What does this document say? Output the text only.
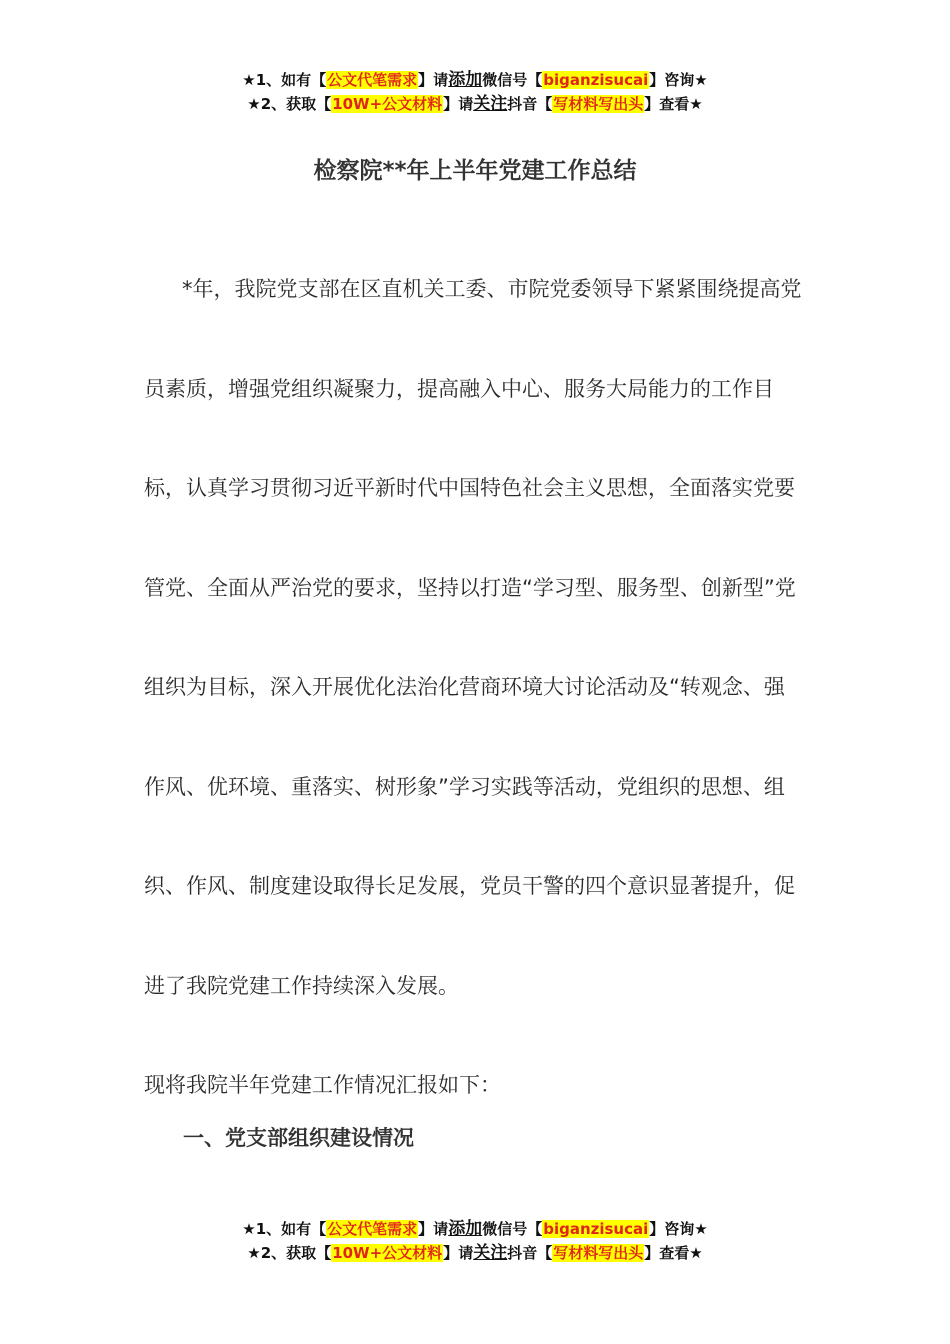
★1、如有【公文代笔需求】请添加微信号【biganzisucai】咨询★
★2、获取【10W+公文材料】请关注抖音【写材料写出头】查看★
检察院**年上半年党建工作总结

*年，我院党支部在区直机关工委、市院党委领导下紧紧围绕提高党员素质，增强党组织凝聚力，提高融入中心、服务大局能力的工作目标，认真学习贯彻习近平新时代中国特色社会主义思想，全面落实党要管党、全面从严治党的要求，坚持以打造“学习型、服务型、创新型”党组织为目标，深入开展优化法治化营商环境大讨论活动及“转观念、强作风、优环境、重落实、树形象”学习实践等活动，党组织的思想、组织、作风、制度建设取得长足发展，党员干警的四个意识显著提升，促进了我院党建工作持续深入发展。

现将我院半年党建工作情况汇报如下：

一、党支部组织建设情况
★1、如有【公文代笔需求】请添加微信号【biganzisucai】咨询★
★2、获取【10W+公文材料】请关注抖音【写材料写出头】查看★
